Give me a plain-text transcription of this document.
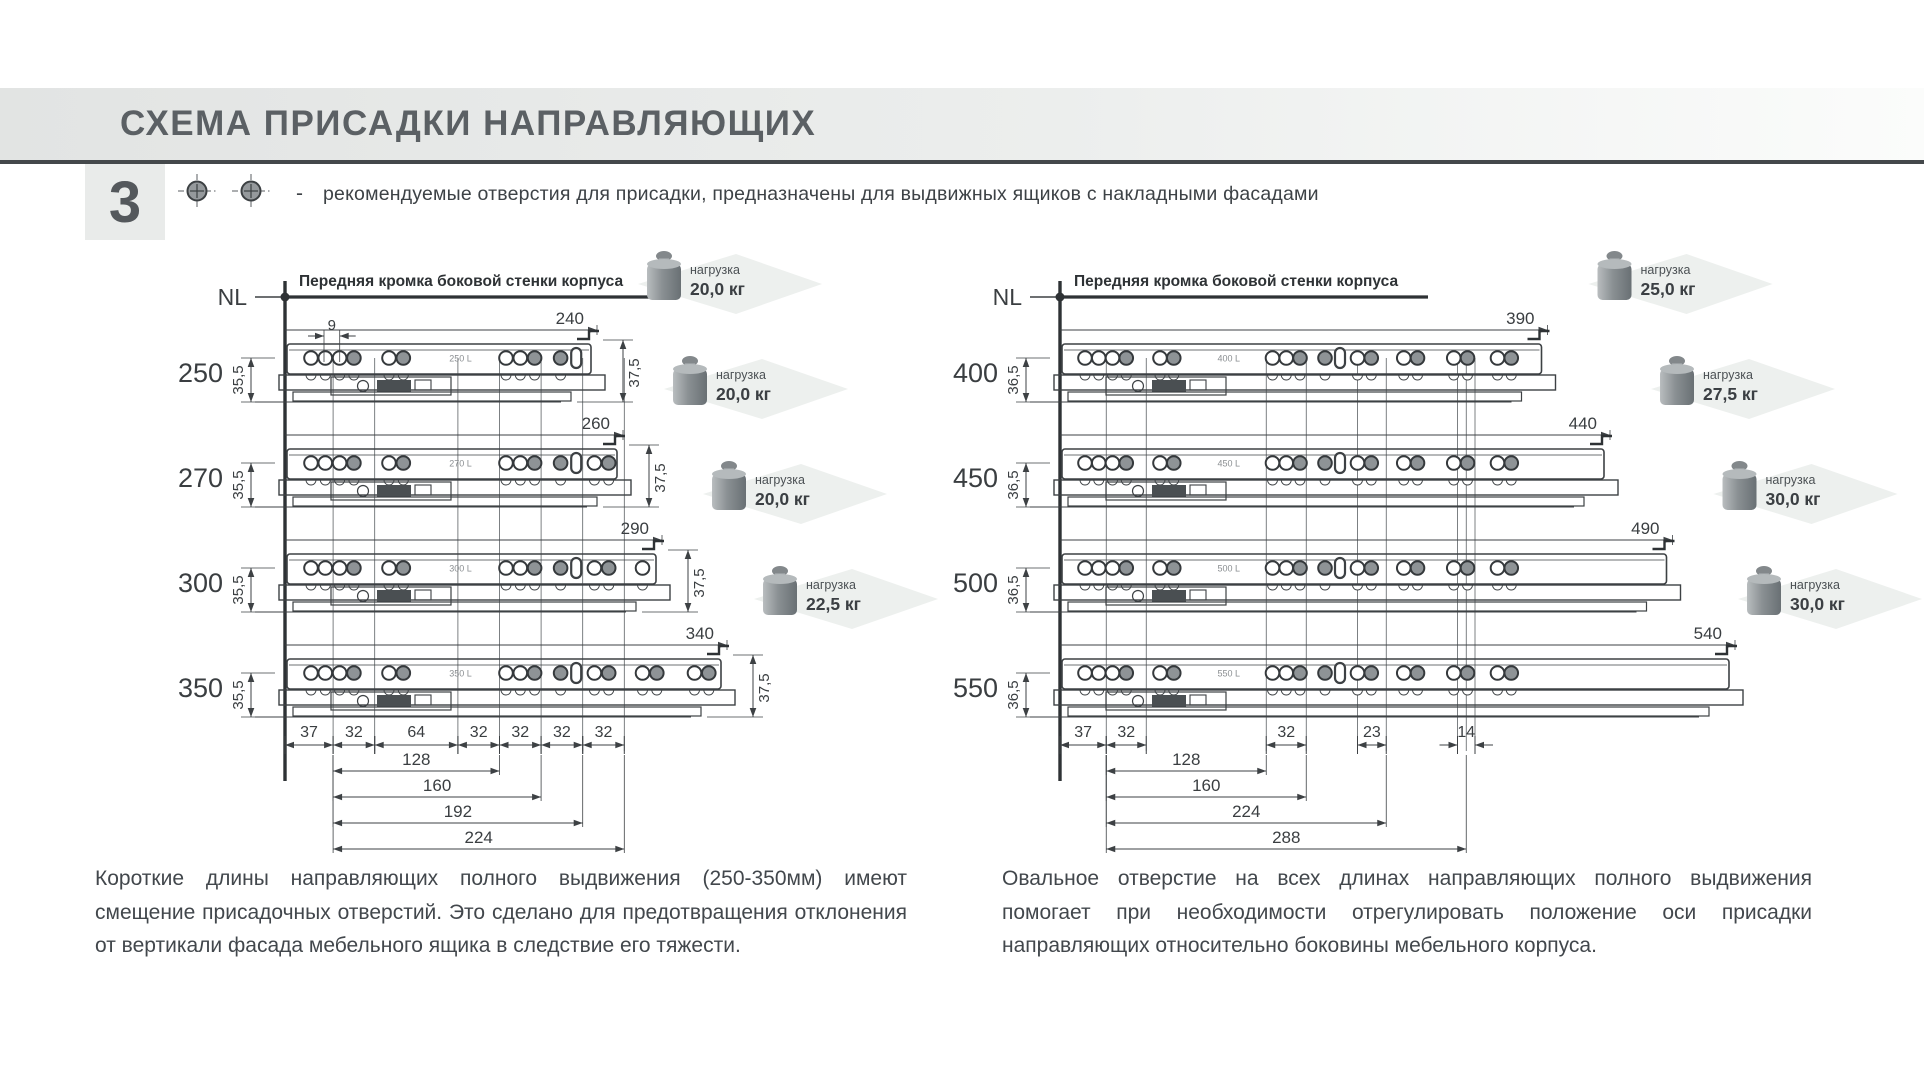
СХЕМА ПРИСАДКИ НАПРАВЛЯЮЩИХ
3	- рекомендуемые отверстия для присадки, предназначены для выдвижных ящиков с накладными фасадами
NL
Передняя кромка боковой стенки корпуса
240
250 L
250 35,5	37,5
9
нагрузка
20,0 кг
260
270 L
270 35,5	37,5
нагрузка
20,0 кг
290
300 L
300 35,5	37,5
нагрузка
20,0 кг
340
350 L
350 35,5	37,5
нагрузка
22,5 кг
37 32	64	32 32 32 32
128
160
192
224
NL
Передняя кромка боковой стенки корпуса
390
400 L
400 36,5
нагрузка
25,0 кг
440
450 L
450 36,5
нагрузка
27,5 кг
490
500 L
500 36,5
нагрузка
30,0 кг
540
550 L
550 36,5
нагрузка
30,0 кг
37 32	32	23	14
128
160
224
288

Короткие длины направляющих полного выдвижения (250-350мм) имеют смещение присадочных отверстий. Это сделано для предотвращения отклонения от вертикали фасада мебельного ящика в следствие его тяжести.

Овальное отверстие на всех длинах направляющих полного выдвижения помогает при необходимости отрегулировать положение оси присадки направляющих относительно боковины мебельного корпуса.
